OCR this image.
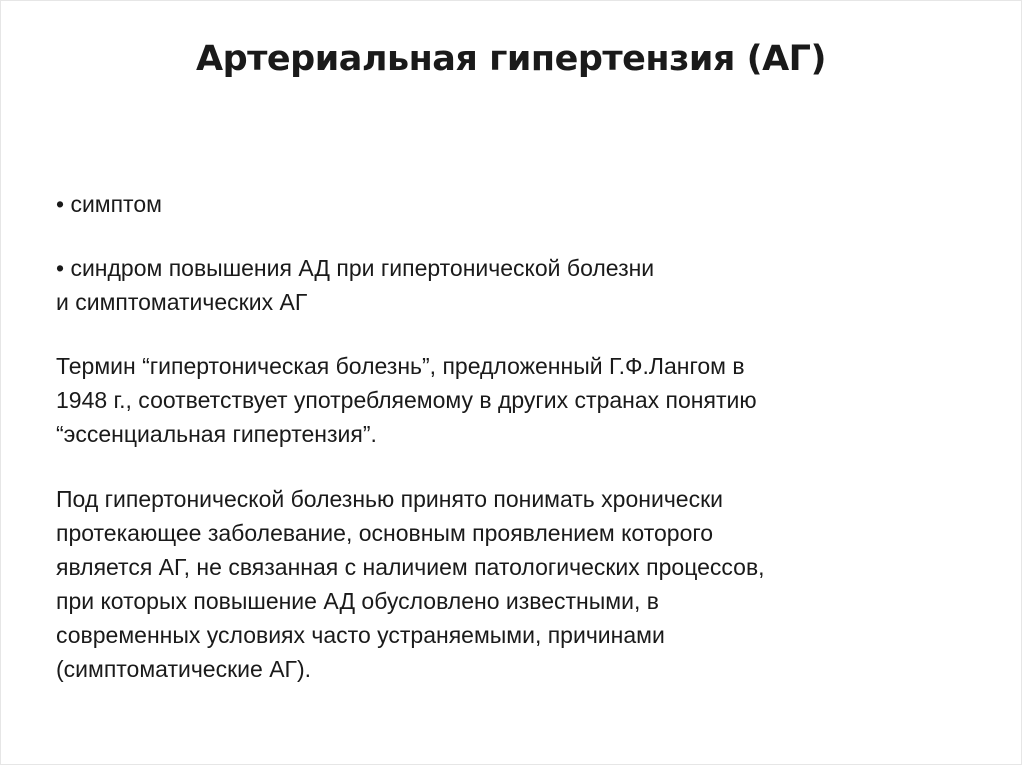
Артериальная гипертензия (АГ)
• симптом
• синдром повышения АД при гипертонической болезни
и симптоматических АГ
Термин “гипертоническая болезнь”, предложенный Г.Ф.Лангом в
1948 г., соответствует употребляемому в других странах понятию
“эссенциальная гипертензия”.
Под гипертонической болезнью принято понимать хронически
протекающее заболевание, основным проявлением которого
является АГ, не связанная с наличием патологических процессов,
при которых повышение АД обусловлено известными, в
современных условиях часто устраняемыми, причинами
(симптоматические АГ).
